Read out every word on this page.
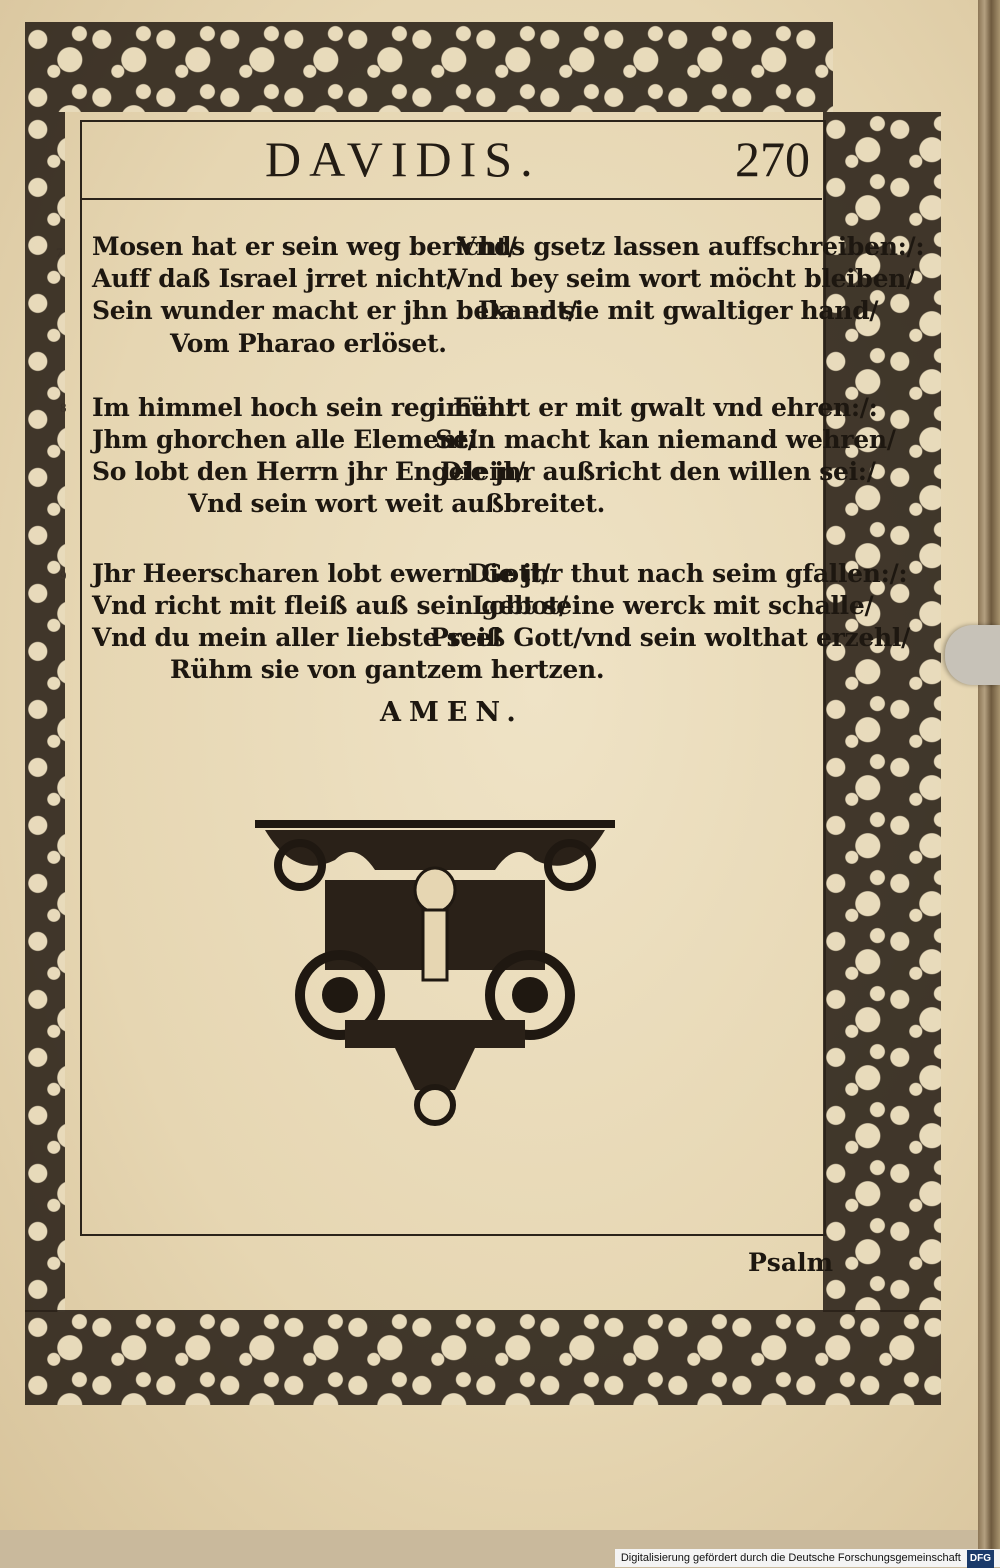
DAVIDIS.	270
7 Mosen hat er sein weg bericht/
Vnds gsetz lassen auffschreiben:/:
Auff daß Israel jrret nicht/
Vnd bey seim wort möcht bleiben/
Sein wunder macht er jhn bekandt/
Da er sie mit gwaltiger hand/
Vom Pharao erlöset.
8 Im himmel hoch sein regiment
Führt er mit gwalt vnd ehren:/:
Jhm ghorchen alle Element/
Sein macht kan niemand wehren/
So lobt den Herrn jhr Engelein/
Die jhr außricht den willen sei:/
Vnd sein wort weit außbreitet.
9 Jhr Heerscharen lobt ewern Gott/
Die jhr thut nach seim gfallen:/:
Vnd richt mit fleiß auß sein gebot/
Lobt seine werck mit schalle/
Vnd du mein aller liebste seel
Preiß Gott/vnd sein wolthat erzehl/
Rühm sie von gantzem hertzen.
AMEN.
Psalm
Digitalisierung gefördert durch die Deutsche Forschungsgemeinschaft DFG
